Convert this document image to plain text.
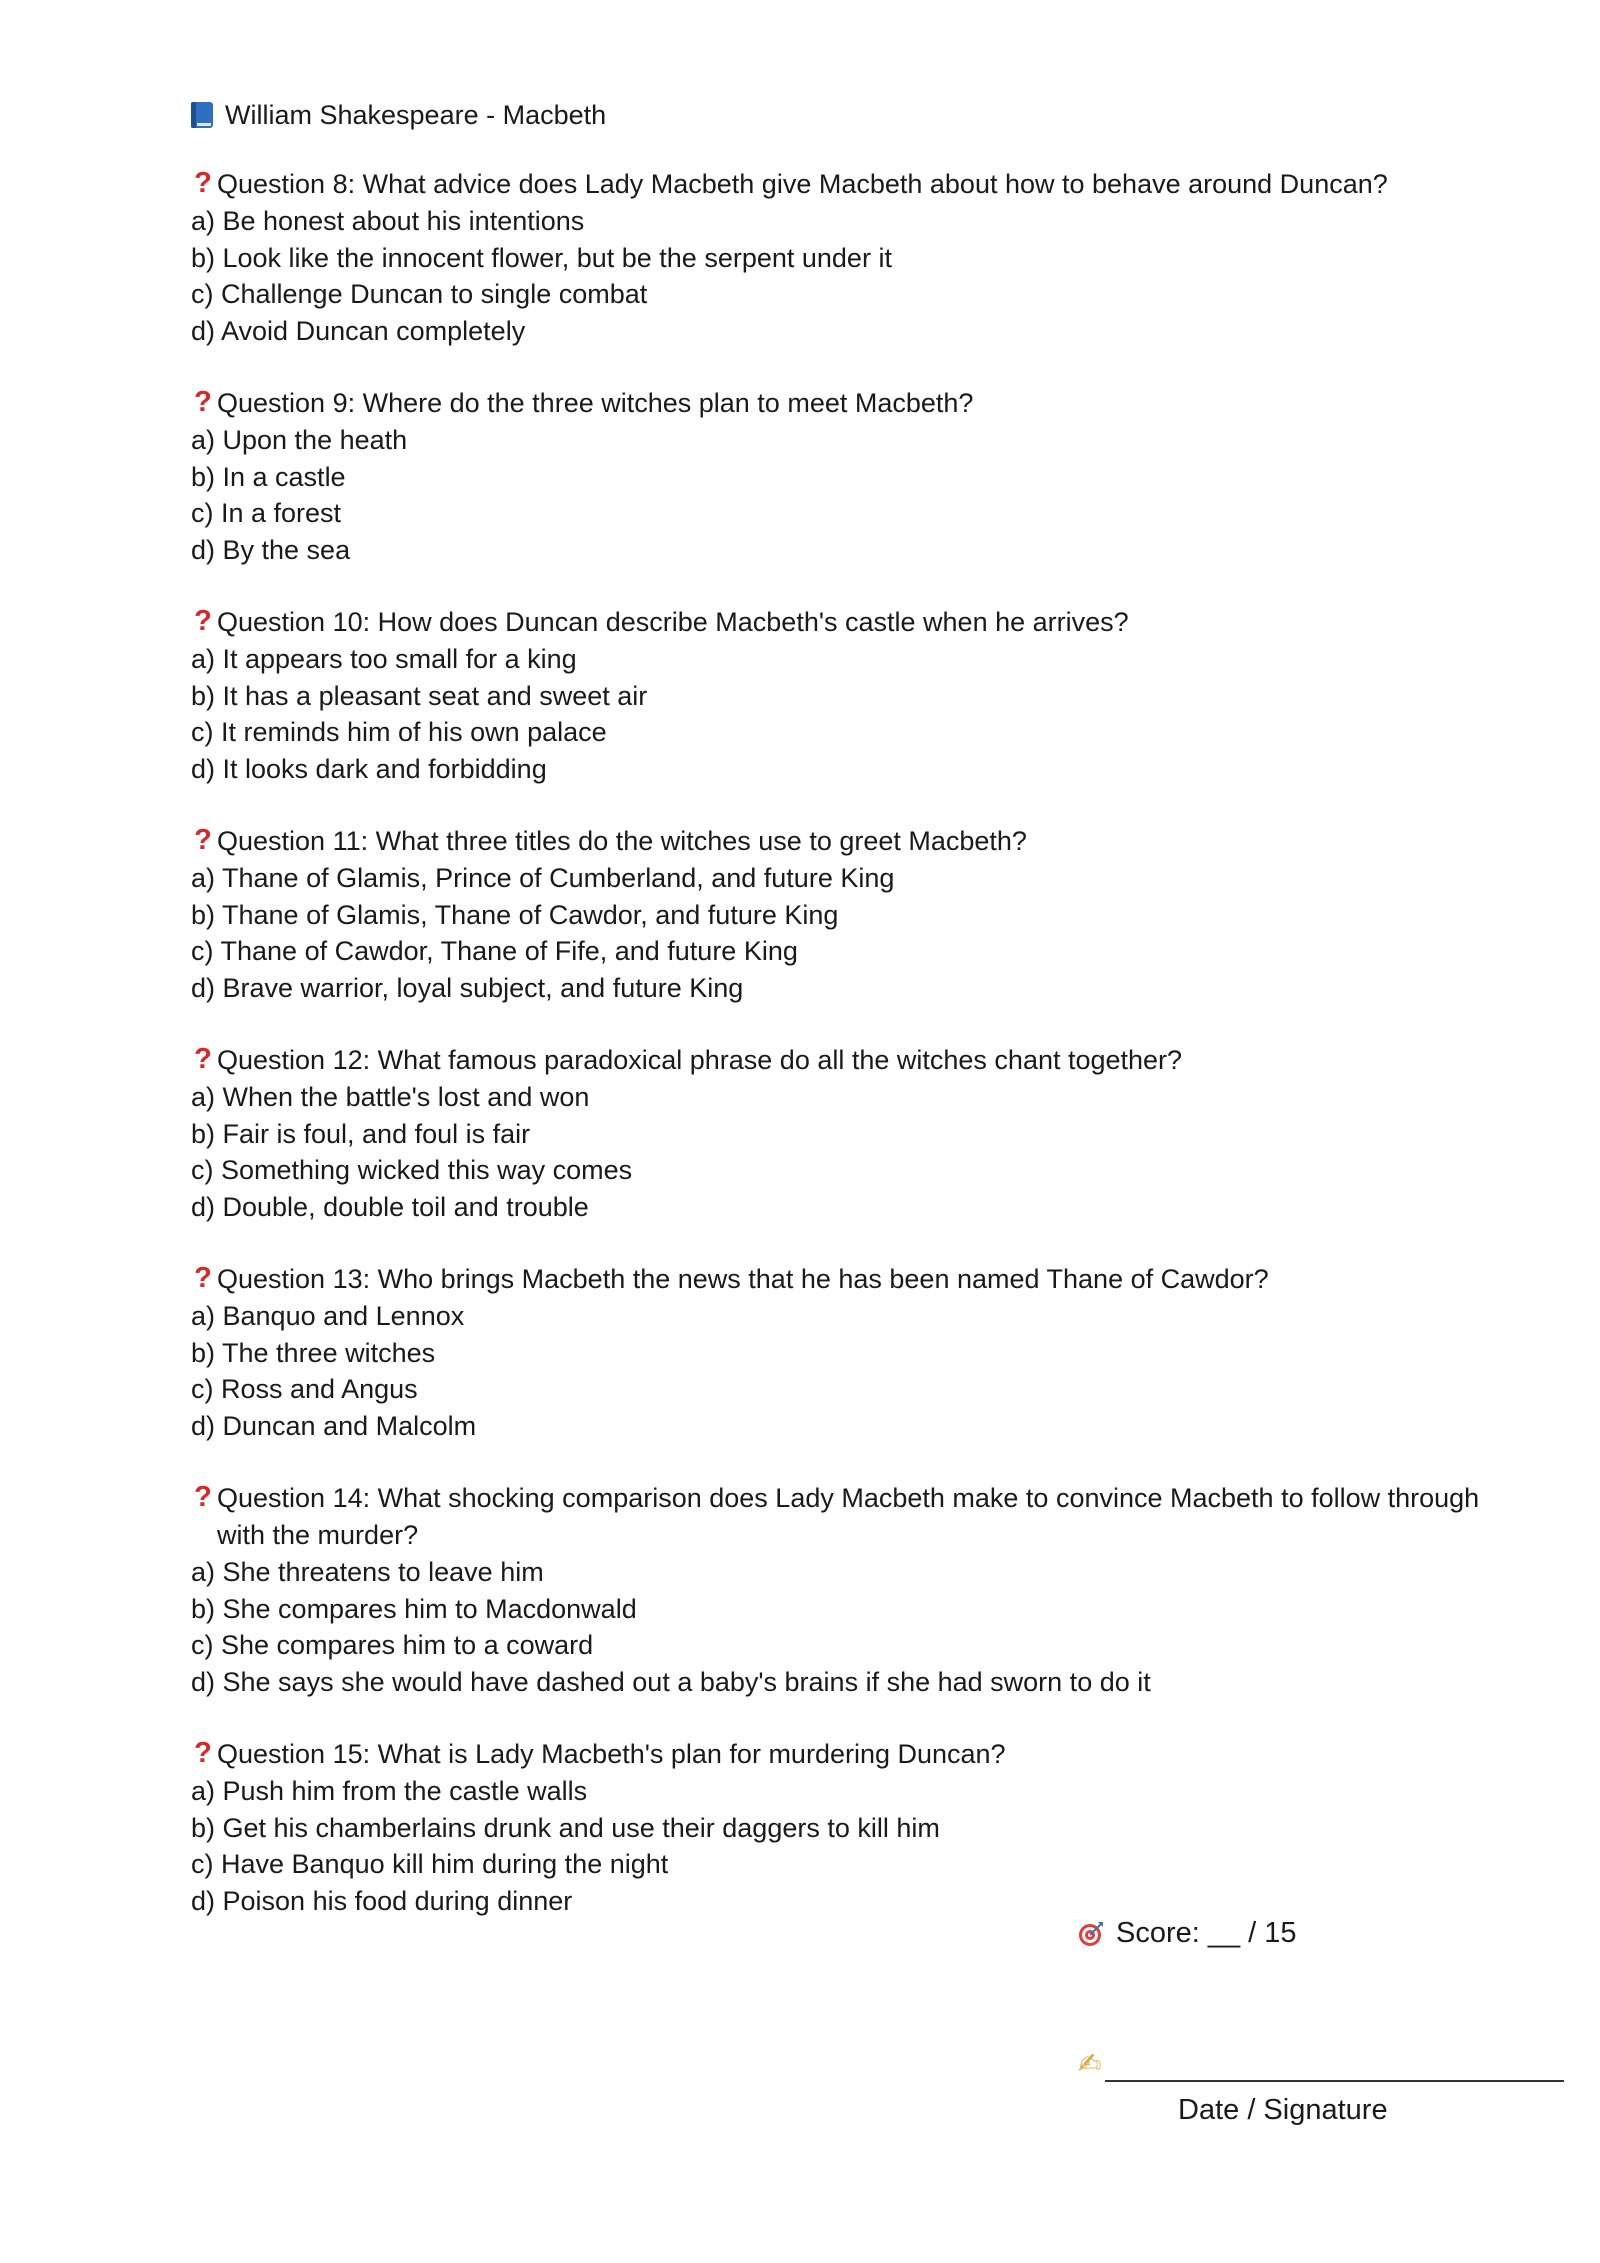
William Shakespeare - Macbeth
? Question 8: What advice does Lady Macbeth give Macbeth about how to behave around Duncan?
a) Be honest about his intentions
b) Look like the innocent flower, but be the serpent under it
c) Challenge Duncan to single combat
d) Avoid Duncan completely
? Question 9: Where do the three witches plan to meet Macbeth?
a) Upon the heath
b) In a castle
c) In a forest
d) By the sea
? Question 10: How does Duncan describe Macbeth's castle when he arrives?
a) It appears too small for a king
b) It has a pleasant seat and sweet air
c) It reminds him of his own palace
d) It looks dark and forbidding
? Question 11: What three titles do the witches use to greet Macbeth?
a) Thane of Glamis, Prince of Cumberland, and future King
b) Thane of Glamis, Thane of Cawdor, and future King
c) Thane of Cawdor, Thane of Fife, and future King
d) Brave warrior, loyal subject, and future King
? Question 12: What famous paradoxical phrase do all the witches chant together?
a) When the battle's lost and won
b) Fair is foul, and foul is fair
c) Something wicked this way comes
d) Double, double toil and trouble
? Question 13: Who brings Macbeth the news that he has been named Thane of Cawdor?
a) Banquo and Lennox
b) The three witches
c) Ross and Angus
d) Duncan and Malcolm
? Question 14: What shocking comparison does Lady Macbeth make to convince Macbeth to follow through with the murder?
a) She threatens to leave him
b) She compares him to Macdonwald
c) She compares him to a coward
d) She says she would have dashed out a baby's brains if she had sworn to do it
? Question 15: What is Lady Macbeth's plan for murdering Duncan?
a) Push him from the castle walls
b) Get his chamberlains drunk and use their daggers to kill him
c) Have Banquo kill him during the night
d) Poison his food during dinner
Score: __ / 15
✍
Date / Signature
